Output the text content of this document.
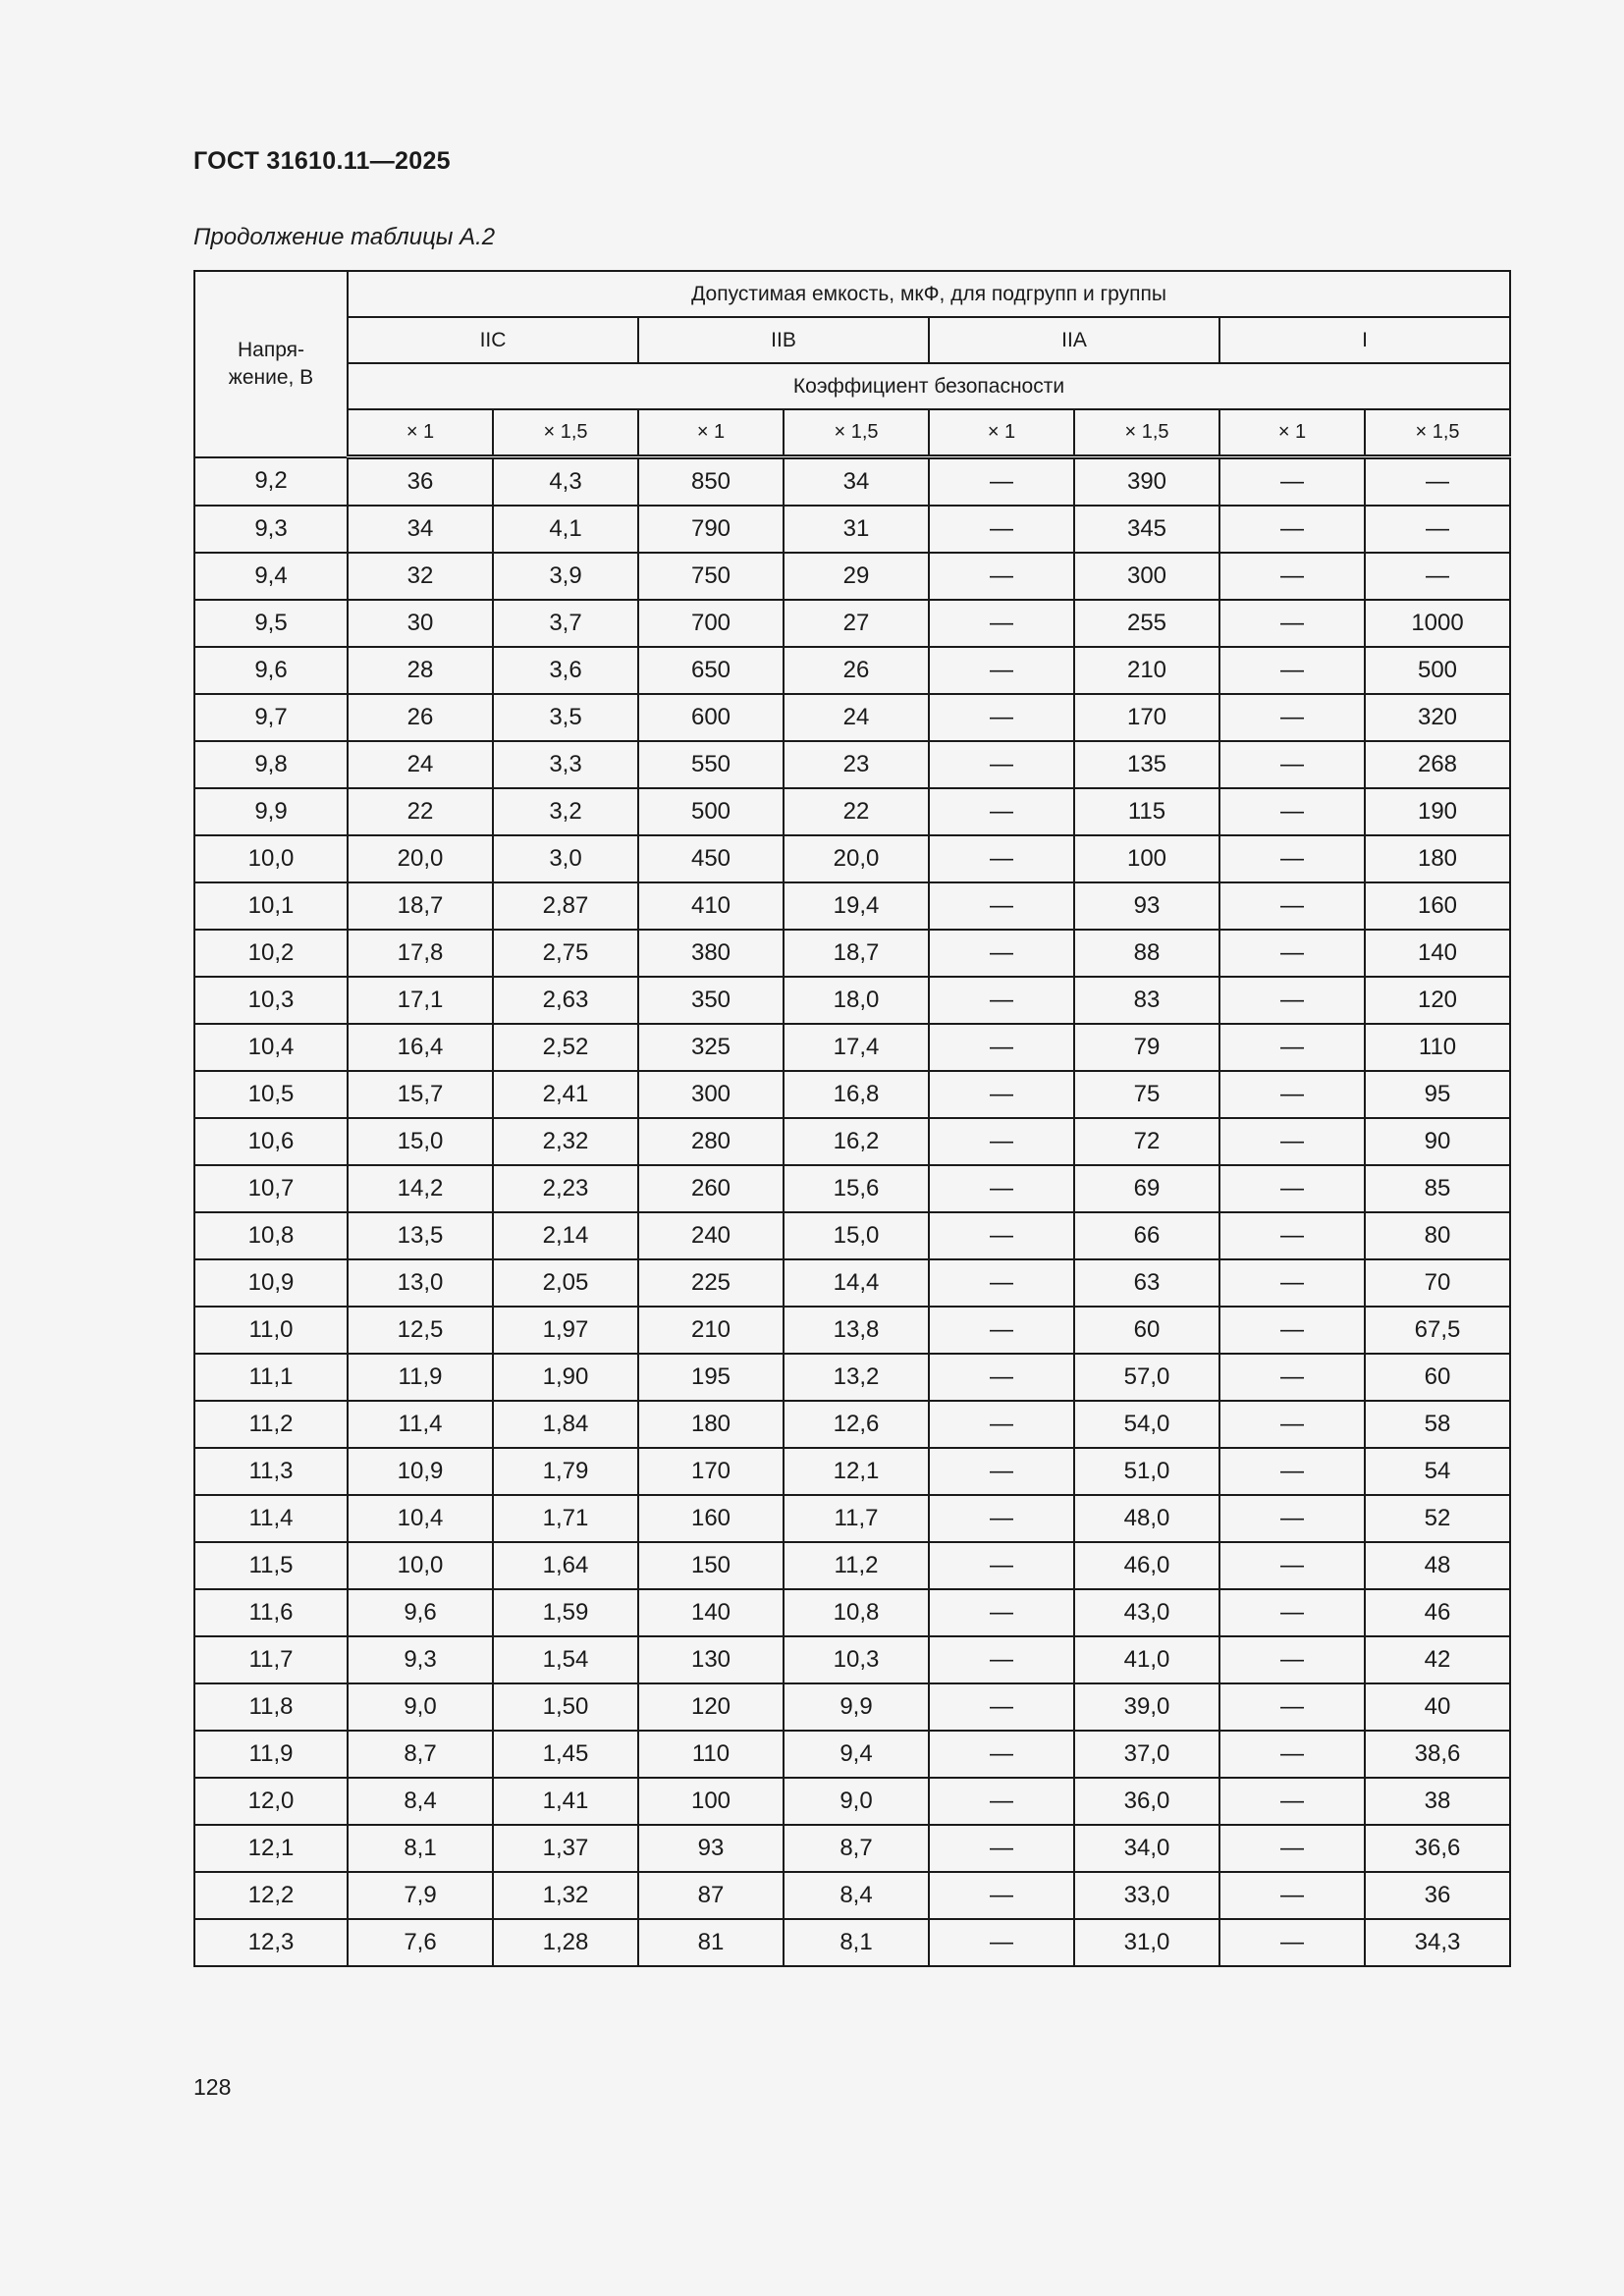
ГОСТ 31610.11—2025
Продолжение таблицы А.2
Напря-
жение, В	Допустимая емкость, мкФ, для подгрупп и группы							
	IIC		IIB		IIA		I	
	Коэффициент безопасности							
	× 1	× 1,5	× 1	× 1,5	× 1	× 1,5	× 1	× 1,5
9,2	36	4,3	850	34	—	390	—	—
9,3	34	4,1	790	31	—	345	—	—
9,4	32	3,9	750	29	—	300	—	—
9,5	30	3,7	700	27	—	255	—	1000
9,6	28	3,6	650	26	—	210	—	500
9,7	26	3,5	600	24	—	170	—	320
9,8	24	3,3	550	23	—	135	—	268
9,9	22	3,2	500	22	—	115	—	190
10,0	20,0	3,0	450	20,0	—	100	—	180
10,1	18,7	2,87	410	19,4	—	93	—	160
10,2	17,8	2,75	380	18,7	—	88	—	140
10,3	17,1	2,63	350	18,0	—	83	—	120
10,4	16,4	2,52	325	17,4	—	79	—	110
10,5	15,7	2,41	300	16,8	—	75	—	95
10,6	15,0	2,32	280	16,2	—	72	—	90
10,7	14,2	2,23	260	15,6	—	69	—	85
10,8	13,5	2,14	240	15,0	—	66	—	80
10,9	13,0	2,05	225	14,4	—	63	—	70
11,0	12,5	1,97	210	13,8	—	60	—	67,5
11,1	11,9	1,90	195	13,2	—	57,0	—	60
11,2	11,4	1,84	180	12,6	—	54,0	—	58
11,3	10,9	1,79	170	12,1	—	51,0	—	54
11,4	10,4	1,71	160	11,7	—	48,0	—	52
11,5	10,0	1,64	150	11,2	—	46,0	—	48
11,6	9,6	1,59	140	10,8	—	43,0	—	46
11,7	9,3	1,54	130	10,3	—	41,0	—	42
11,8	9,0	1,50	120	9,9	—	39,0	—	40
11,9	8,7	1,45	110	9,4	—	37,0	—	38,6
12,0	8,4	1,41	100	9,0	—	36,0	—	38
12,1	8,1	1,37	93	8,7	—	34,0	—	36,6
12,2	7,9	1,32	87	8,4	—	33,0	—	36
12,3	7,6	1,28	81	8,1	—	31,0	—	34,3
128
